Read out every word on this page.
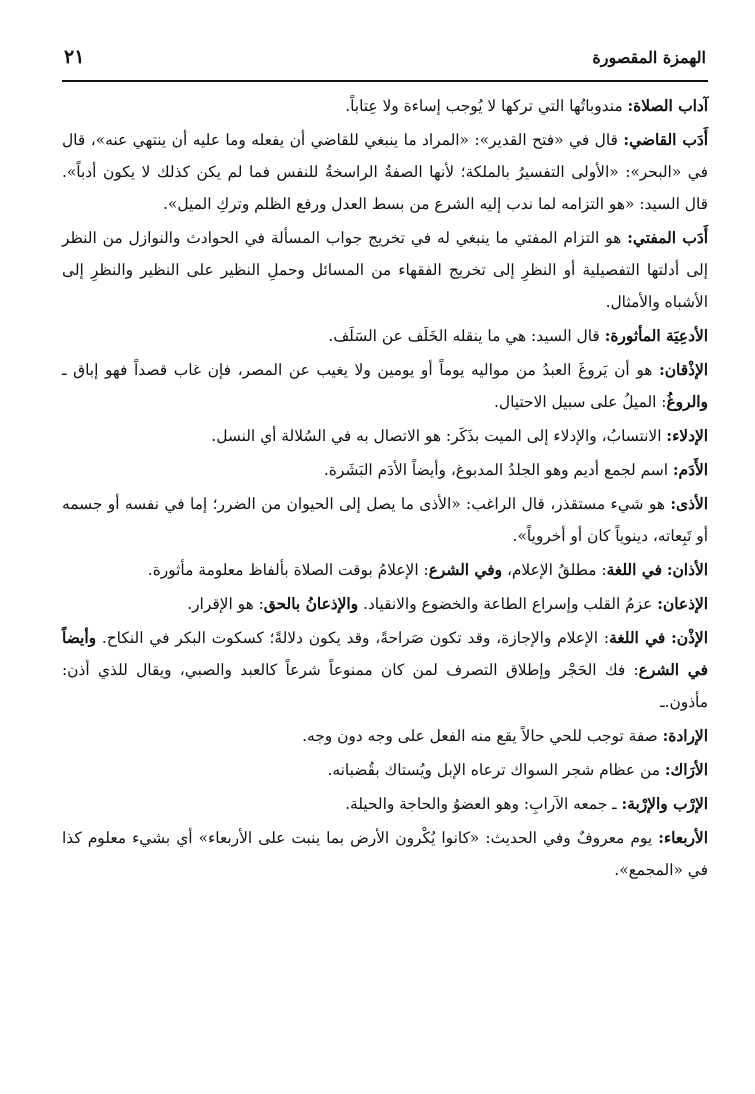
الهمزة المقصورة
٢١

آداب الصلاة: مندوباتُها التي تركها لا يُوجب إساءة ولا عِتاباً.

أَدَب القاضي: قال في «فتح القدير»: «المراد ما ينبغي للقاضي أن يفعله وما عليه أن ينتهي عنه»، قال في «البحر»: «الأولى التفسيرُ بالملكة؛ لأنها الصفةُ الراسخةُ للنفس فما لم يكن كذلك لا يكون أدباً». قال السيد: «هو التزامه لما ندب إليه الشرع من بسط العدل ورفع الظلم وتركِ الميل».

أَدَب المفتي: هو التزام المفتي ما ينبغي له في تخريج جواب المسألة في الحوادث والنوازل من النظر إلى أدلتها التفصيلية أو النظرِ إلى تخريج الفقهاء من المسائل وحملِ النظير على النظير والنظرِ إلى الأشباه والأمثال.

الأدعِيَة المأثورة: قال السيد: هي ما ينقله الخَلَف عن السَلَف.

الإذْقان: هو أن يَروغَ العبدُ من مواليه يوماً أو يومين ولا يغيب عن المصر، فإن غاب قصداً فهو إباق ـ والروغُ: الميلُ على سبيل الاحتيال.

الإدلاء: الانتسابُ، والإدلاء إلى الميت بذَكَر: هو الاتصال به في السُلالة أي النسل.

الأَدَم: اسم لجمع أديم وهو الجلدُ المدبوغ، وأيضاً الأدَم البَشَرة.

الأذى: هو شيء مستقذر، قال الراغب: «الأذى ما يصل إلى الحيوان من الضرر؛ إما في نفسه أو جسمه أو تَبِعاته، دينوياً كان أو أخروياً».

الأذان: في اللغة: مطلقُ الإعلام، وفي الشرع: الإعلامُ بوقت الصلاة بألفاظ معلومة مأثورة.

الإذعان: عزمُ القلب وإسراع الطاعة والخضوع والانقياد. والإذعانُ بالحق: هو الإقرار.

الإذْن: في اللغة: الإعلام والإجازة، وقد تكون صَراحةً، وقد يكون دلالةً؛ كسكوت البكر في النكاح. وأيضاً في الشرع: فك الحَجْر وإطلاق التصرف لمن كان ممنوعاً شرعاً كالعبد والصبي، ويقال للذي أذن: مأذون.ـ

الإرادة: صفة توجب للحي حالاً يقع منه الفعل على وجه دون وجه.

الأرَاك: من عظام شجر السواك ترعاه الإبل ويُستاك بقُضبانه.

الإرْب والإرْبة: ـ جمعه الآرابِ: وهو العضوُ والحاجة والحيلة.

الأربعاء: يوم معروفٌ وفي الحديث: «كانوا يُكْرون الأرض بما ينبت على الأربعاء» أي بشيء معلوم كذا في «المجمع».
